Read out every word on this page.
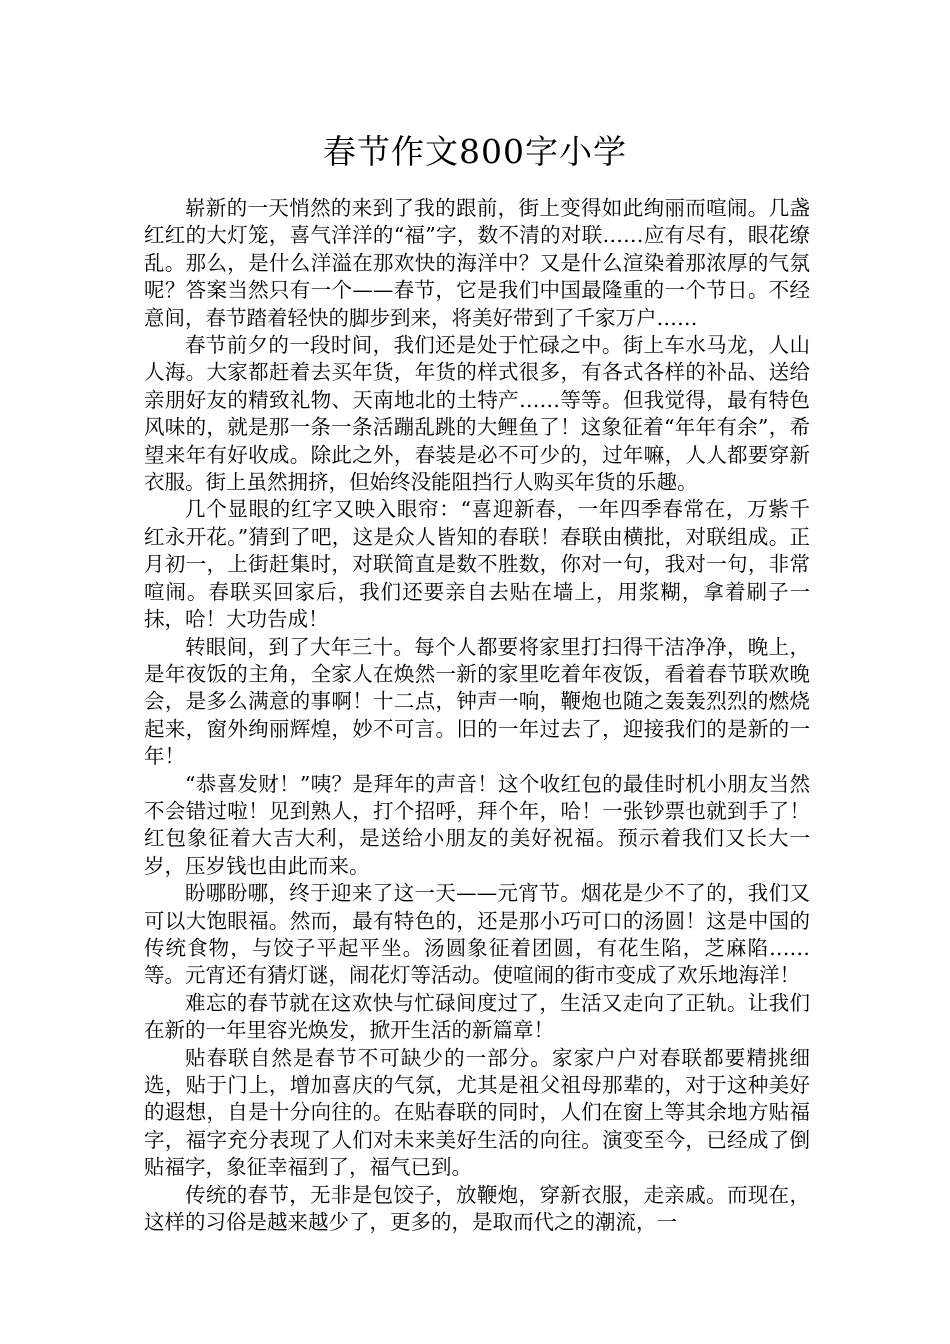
春节作文800字小学

崭新的一天悄然的来到了我的跟前，街上变得如此绚丽而喧闹。几盏红红的大灯笼，喜气洋洋的“福”字，数不清的对联……应有尽有，眼花缭乱。那么，是什么洋溢在那欢快的海洋中？又是什么渲染着那浓厚的气氛呢？答案当然只有一个——春节，它是我们中国最隆重的一个节日。不经意间，春节踏着轻快的脚步到来，将美好带到了千家万户……

春节前夕的一段时间，我们还是处于忙碌之中。街上车水马龙，人山人海。大家都赶着去买年货，年货的样式很多，有各式各样的补品、送给亲朋好友的精致礼物、天南地北的土特产……等等。但我觉得，最有特色风味的，就是那一条一条活蹦乱跳的大鲤鱼了！这象征着“年年有余”，希望来年有好收成。除此之外，春装是必不可少的，过年嘛，人人都要穿新衣服。街上虽然拥挤，但始终没能阻挡行人购买年货的乐趣。

几个显眼的红字又映入眼帘：“喜迎新春，一年四季春常在，万紫千红永开花。”猜到了吧，这是众人皆知的春联！春联由横批，对联组成。正月初一，上街赶集时，对联简直是数不胜数，你对一句，我对一句，非常喧闹。春联买回家后，我们还要亲自去贴在墙上，用浆糊，拿着刷子一抹，哈！大功告成！

转眼间，到了大年三十。每个人都要将家里打扫得干洁净净，晚上，是年夜饭的主角，全家人在焕然一新的家里吃着年夜饭，看着春节联欢晚会，是多么满意的事啊！十二点，钟声一响，鞭炮也随之轰轰烈烈的燃烧起来，窗外绚丽辉煌，妙不可言。旧的一年过去了，迎接我们的是新的一年！

“恭喜发财！”咦？是拜年的声音！这个收红包的最佳时机小朋友当然不会错过啦！见到熟人，打个招呼，拜个年，哈！一张钞票也就到手了！红包象征着大吉大利，是送给小朋友的美好祝福。预示着我们又长大一岁，压岁钱也由此而来。

盼哪盼哪，终于迎来了这一天——元宵节。烟花是少不了的，我们又可以大饱眼福。然而，最有特色的，还是那小巧可口的汤圆！这是中国的传统食物，与饺子平起平坐。汤圆象征着团圆，有花生陷，芝麻陷……等。元宵还有猜灯谜，闹花灯等活动。使喧闹的街市变成了欢乐地海洋！

难忘的春节就在这欢快与忙碌间度过了，生活又走向了正轨。让我们在新的一年里容光焕发，掀开生活的新篇章！

贴春联自然是春节不可缺少的一部分。家家户户对春联都要精挑细选，贴于门上，增加喜庆的气氛，尤其是祖父祖母那辈的，对于这种美好的遐想，自是十分向往的。在贴春联的同时，人们在窗上等其余地方贴福字，福字充分表现了人们对未来美好生活的向往。演变至今，已经成了倒贴福字，象征幸福到了，福气已到。

传统的春节，无非是包饺子，放鞭炮，穿新衣服，走亲戚。而现在，这样的习俗是越来越少了，更多的，是取而代之的潮流，一
